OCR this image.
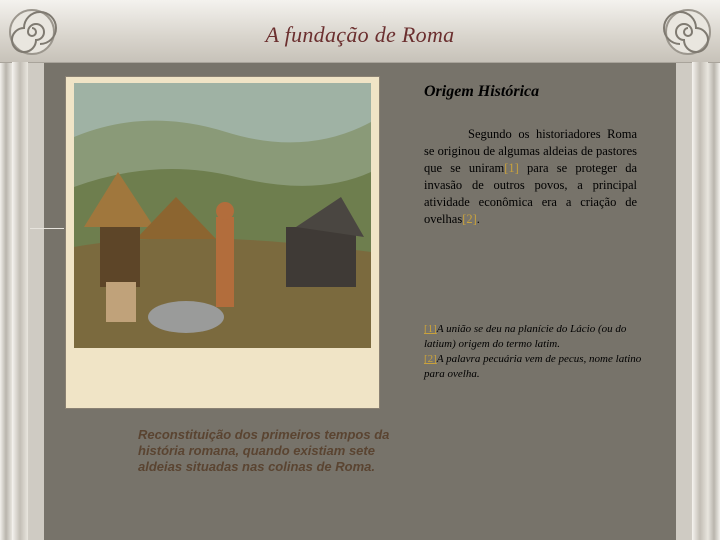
A fundação de Roma

Reconstituição dos primeiros tempos da história romana, quando existiam sete aldeias situadas nas colinas de Roma.

Origem Histórica

Segundo os historiadores Roma se originou de algumas aldeias de pastores que se uniram[1] para se proteger da invasão de outros povos, a principal atividade econômica era a criação de ovelhas[2].

[1]A união se deu na planície do Lácio (ou do latium) origem do termo latim.
[2]A palavra pecuária vem de pecus, nome latino para ovelha.
